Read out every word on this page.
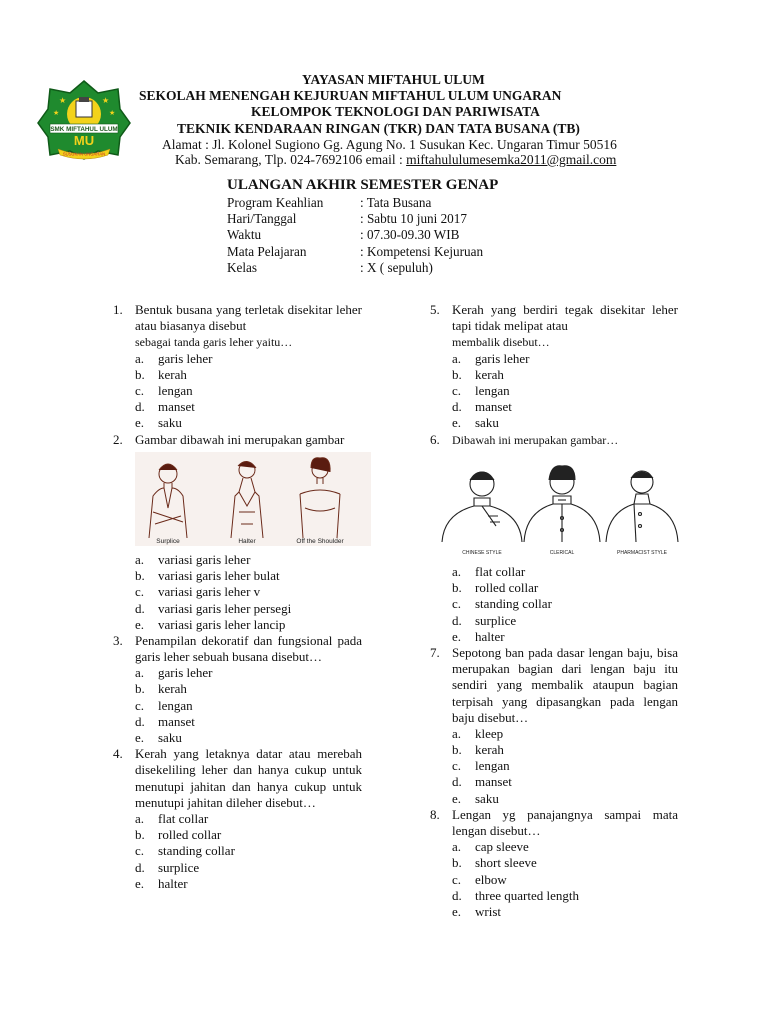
★	★
★	★
SMK MIFTAHUL ULUM
MU
SUSUKAN UNGARAN
YAYASAN MIFTAHUL ULUM
SEKOLAH MENENGAH KEJURUAN MIFTAHUL ULUM UNGARAN
KELOMPOK TEKNOLOGI DAN PARIWISATA
TEKNIK KENDARAAN RINGAN (TKR) DAN TATA BUSANA (TB)
Alamat : Jl. Kolonel Sugiono Gg. Agung No. 1 Susukan Kec. Ungaran Timur 50516
Kab. Semarang, Tlp. 024-7692106 email : miftahululumesemka2011@gmail.com
ULANGAN AKHIR SEMESTER GENAP
Program Keahlian	: Tata Busana
Hari/Tanggal	: Sabtu 10 juni 2017
Waktu	: 07.30-09.30 WIB
Mata Pelajaran	: Kompetensi Kejuruan
Kelas	: X ( sepuluh)
1. Bentuk busana yang terletak disekitar leher atau biasanya disebut
sebagai tanda garis leher yaitu…
a. garis leher
b. kerah
c. lengan
d. manset
e. saku
2. Gambar dibawah ini merupakan gambar
Surplice	Halter	Off the Shoulder
a. variasi garis leher
b. variasi garis leher bulat
c. variasi garis leher v
d. variasi garis leher persegi
e. variasi garis leher lancip
3. Penampilan dekoratif dan fungsional pada garis leher sebuah busana disebut…
a. garis leher
b. kerah
c. lengan
d. manset
e. saku
4. Kerah yang letaknya datar atau merebah disekeliling leher dan hanya cukup untuk menutupi jahitan dan hanya cukup untuk menutupi jahitan dileher disebut…
a. flat collar
b. rolled collar
c. standing collar
d. surplice
e. halter
5. Kerah yang berdiri tegak disekitar leher tapi tidak melipat atau
membalik disebut…
a. garis leher
b. kerah
c. lengan
d. manset
e. saku
6. Dibawah ini merupakan gambar…
CHINESE STYLE	CLERICAL	PHARMACIST STYLE
a. flat collar
b. rolled collar
c. standing collar
d. surplice
e. halter
7. Sepotong ban pada dasar lengan baju, bisa merupakan bagian dari lengan baju itu sendiri yang membalik ataupun bagian terpisah yang dipasangkan pada lengan baju disebut…
a. kleep
b. kerah
c. lengan
d. manset
e. saku
8. Lengan yg panajangnya sampai mata lengan disebut…
a. cap sleeve
b. short sleeve
c. elbow
d. three quarted length
e. wrist
